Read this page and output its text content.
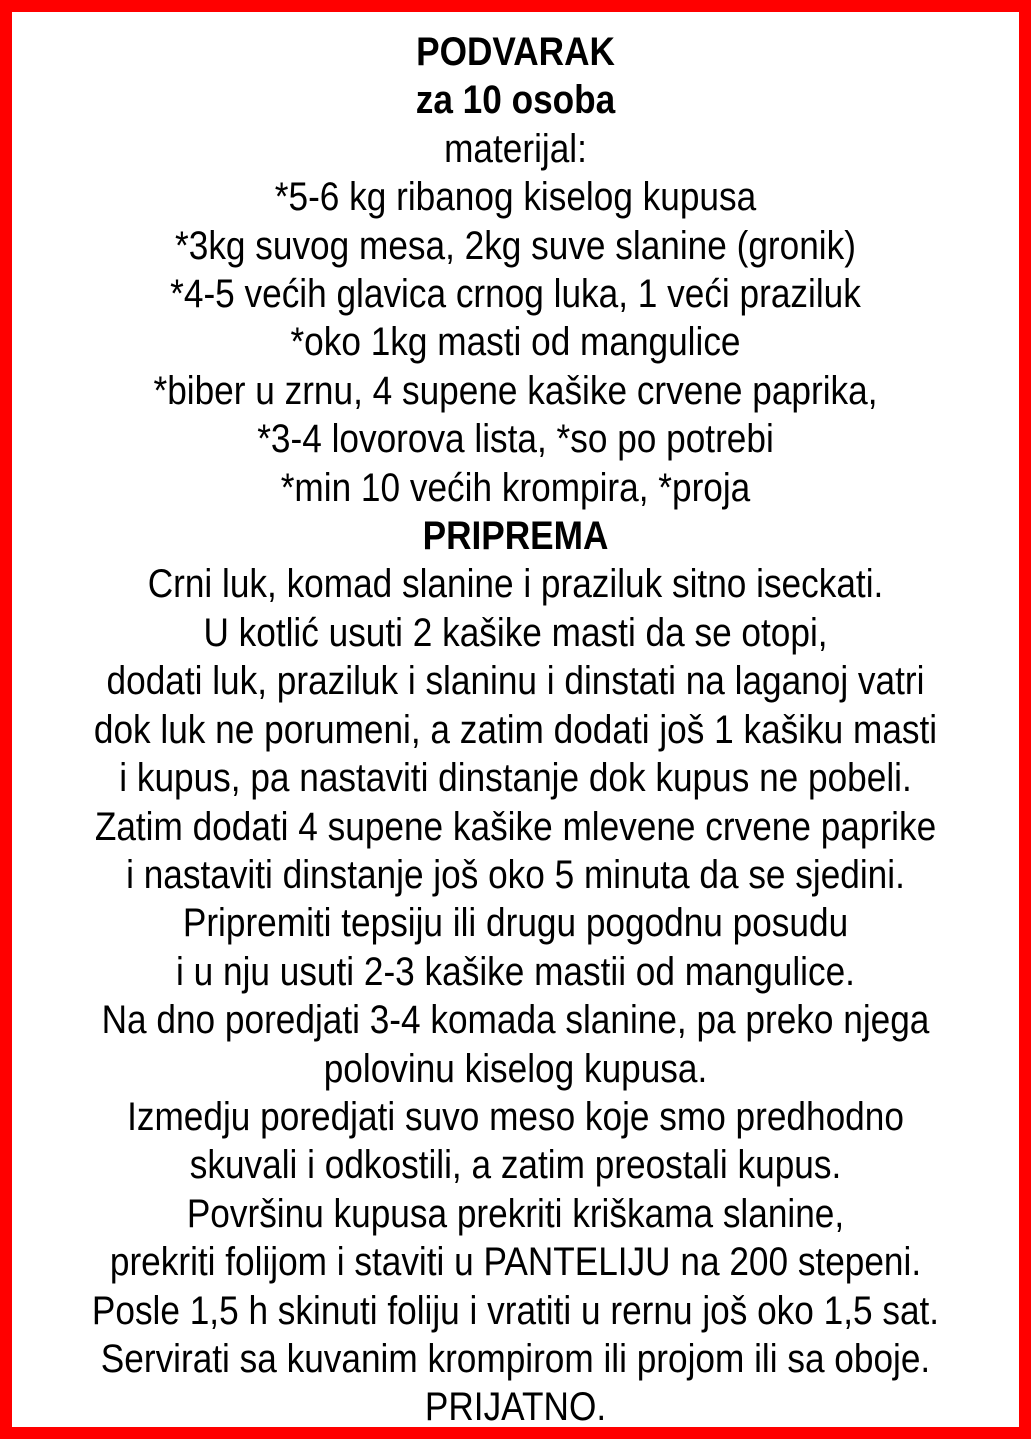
PODVARAK
za 10 osoba
materijal:
*5-6 kg ribanog kiselog kupusa
*3kg suvog mesa, 2kg suve slanine (gronik)
*4-5 većih glavica crnog luka, 1 veći praziluk
*oko 1kg masti od mangulice
*biber u zrnu, 4 supene kašike crvene paprika,
*3-4 lovorova lista, *so po potrebi
*min 10 većih krompira, *proja
PRIPREMA
Crni luk, komad slanine i praziluk sitno iseckati.
U kotlić usuti 2 kašike masti da se otopi,
dodati luk, praziluk i slaninu i dinstati na laganoj vatri
dok luk ne porumeni, a zatim dodati još 1 kašiku masti
i kupus, pa nastaviti dinstanje dok kupus ne pobeli.
Zatim dodati 4 supene kašike mlevene crvene paprike
i nastaviti dinstanje još oko 5 minuta da se sjedini.
Pripremiti tepsiju ili drugu pogodnu posudu
i u nju usuti 2-3 kašike mastii od mangulice.
Na dno poredjati 3-4 komada slanine, pa preko njega
polovinu kiselog kupusa.
Izmedju poredjati suvo meso koje smo predhodno
skuvali i odkostili, a zatim preostali kupus.
Površinu kupusa prekriti kriškama slanine,
prekriti folijom i staviti u PANTELIJU na 200 stepeni.
Posle 1,5 h skinuti foliju i vratiti u rernu još oko 1,5 sat.
Servirati sa kuvanim krompirom ili projom ili sa oboje.
PRIJATNO.
